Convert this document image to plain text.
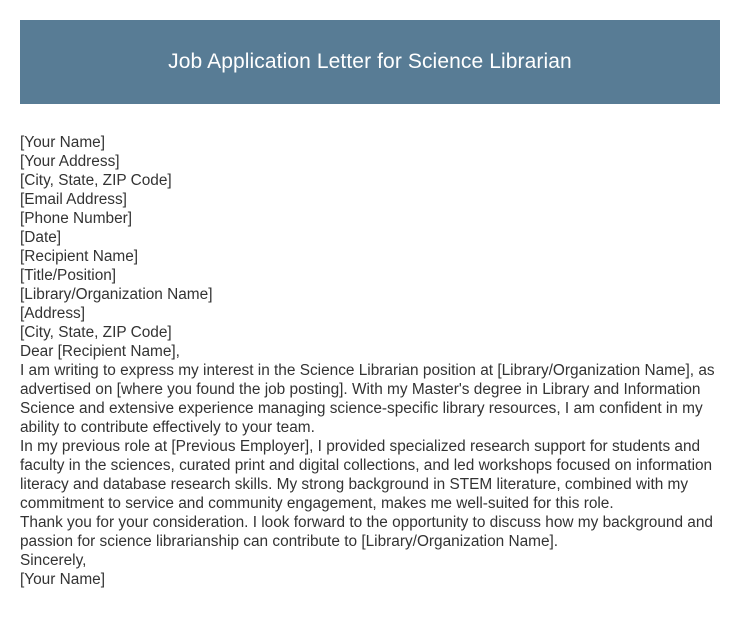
Job Application Letter for Science Librarian
[Your Name]
[Your Address]
[City, State, ZIP Code]
[Email Address]
[Phone Number]
[Date]
[Recipient Name]
[Title/Position]
[Library/Organization Name]
[Address]
[City, State, ZIP Code]
Dear [Recipient Name],
I am writing to express my interest in the Science Librarian position at [Library/Organization Name], as advertised on [where you found the job posting]. With my Master's degree in Library and Information Science and extensive experience managing science-specific library resources, I am confident in my ability to contribute effectively to your team.
In my previous role at [Previous Employer], I provided specialized research support for students and faculty in the sciences, curated print and digital collections, and led workshops focused on information literacy and database research skills. My strong background in STEM literature, combined with my commitment to service and community engagement, makes me well-suited for this role.
Thank you for your consideration. I look forward to the opportunity to discuss how my background and passion for science librarianship can contribute to [Library/Organization Name].
Sincerely,
[Your Name]
